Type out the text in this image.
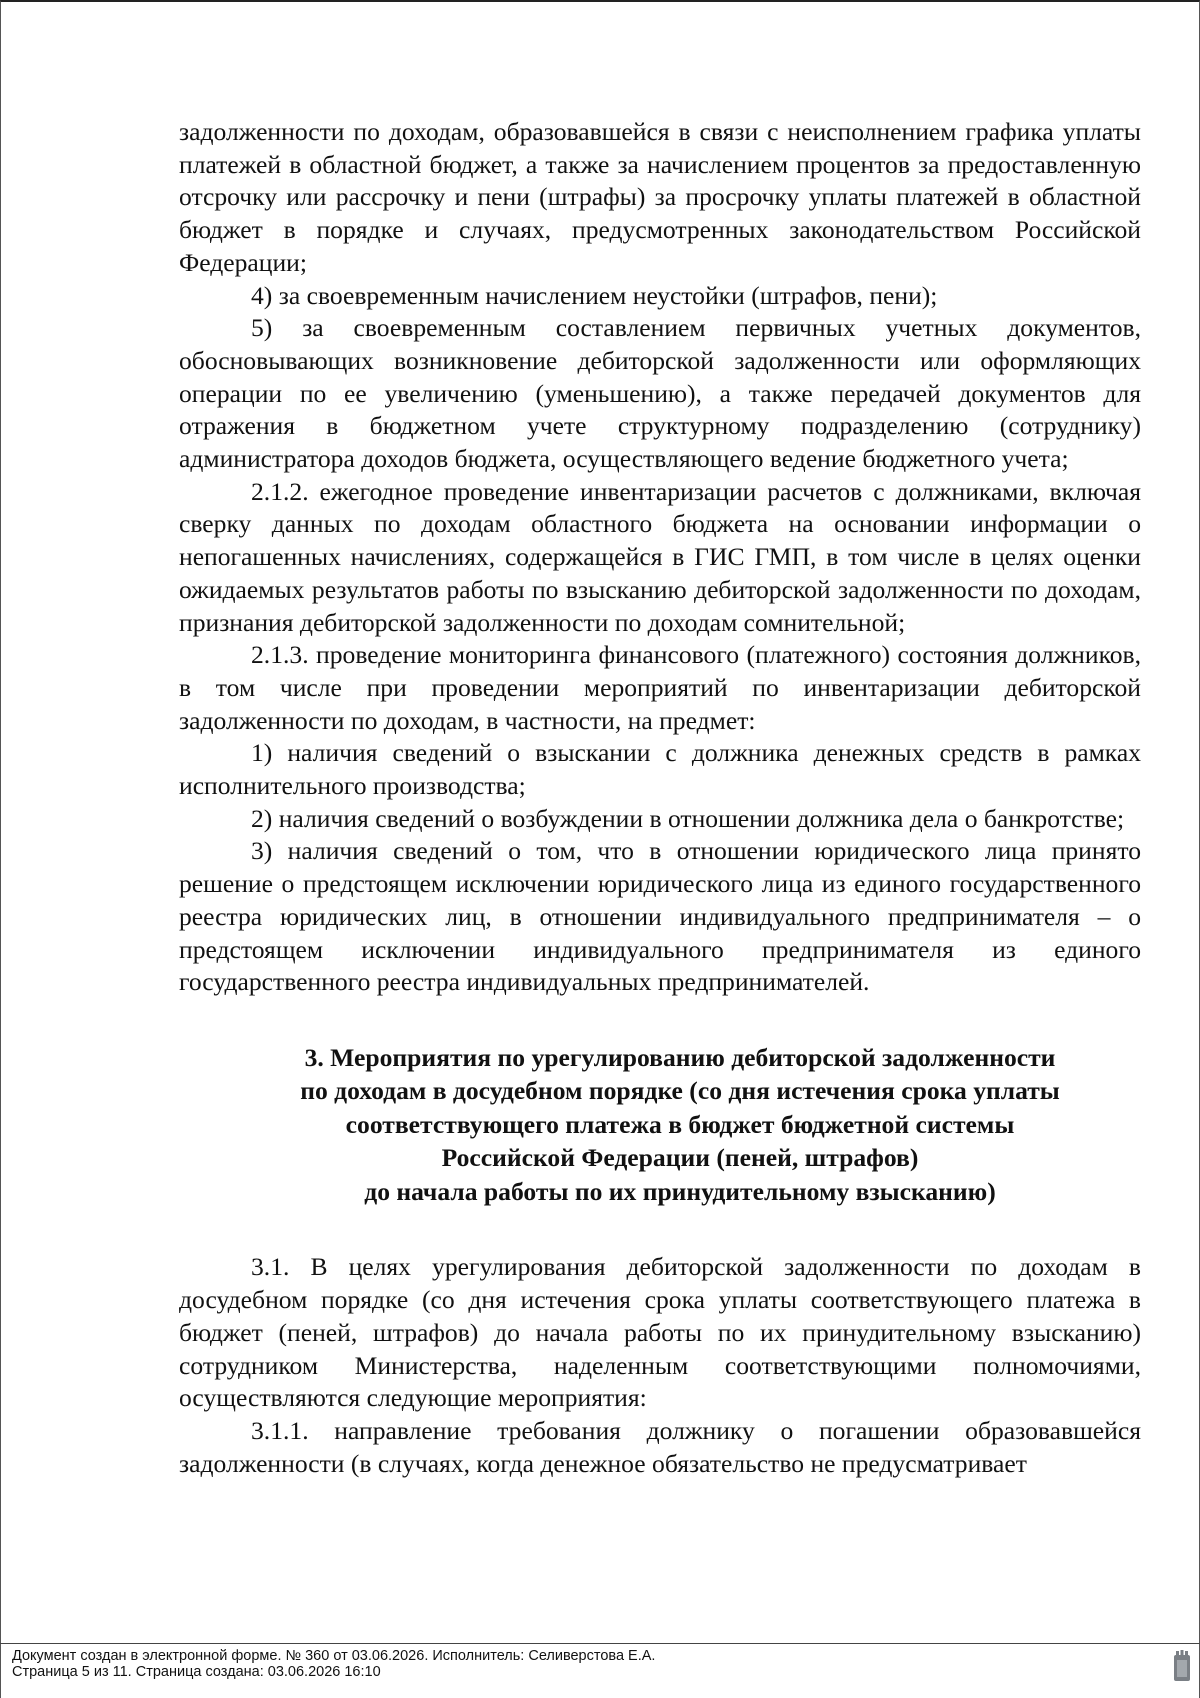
задолженности по доходам, образовавшейся в связи с неисполнением графика уплаты платежей в областной бюджет, а также за начислением процентов за предоставленную отсрочку или рассрочку и пени (штрафы) за просрочку уплаты платежей в областной бюджет в порядке и случаях, предусмотренных законодательством Российской Федерации;

4) за своевременным начислением неустойки (штрафов, пени);

5) за своевременным составлением первичных учетных документов, обосновывающих возникновение дебиторской задолженности или оформляющих операции по ее увеличению (уменьшению), а также передачей документов для отражения в бюджетном учете структурному подразделению (сотруднику) администратора доходов бюджета, осуществляющего ведение бюджетного учета;

2.1.2. ежегодное проведение инвентаризации расчетов с должниками, включая сверку данных по доходам областного бюджета на основании информации о непогашенных начислениях, содержащейся в ГИС ГМП, в том числе в целях оценки ожидаемых результатов работы по взысканию дебиторской задолженности по доходам, признания дебиторской задолженности по доходам сомнительной;

2.1.3. проведение мониторинга финансового (платежного) состояния должников, в том числе при проведении мероприятий по инвентаризации дебиторской задолженности по доходам, в частности, на предмет:

1) наличия сведений о взыскании с должника денежных средств в рамках исполнительного производства;

2) наличия сведений о возбуждении в отношении должника дела о банкротстве;

3) наличия сведений о том, что в отношении юридического лица принято решение о предстоящем исключении юридического лица из единого государственного реестра юридических лиц, в отношении индивидуального предпринимателя – о предстоящем исключении индивидуального предпринимателя из единого государственного реестра индивидуальных предпринимателей.

3. Мероприятия по урегулированию дебиторской задолженности
по доходам в досудебном порядке (со дня истечения срока уплаты
соответствующего платежа в бюджет бюджетной системы
Российской Федерации (пеней, штрафов)
до начала работы по их принудительному взысканию)

3.1. В целях урегулирования дебиторской задолженности по доходам в досудебном порядке (со дня истечения срока уплаты соответствующего платежа в бюджет (пеней, штрафов) до начала работы по их принудительному взысканию) сотрудником Министерства, наделенным соответствующими полномочиями, осуществляются следующие мероприятия:

3.1.1. направление требования должнику о погашении образовавшейся задолженности (в случаях, когда денежное обязательство не предусматривает

Документ создан в электронной форме. № 360 от 03.06.2026. Исполнитель: Селиверстова Е.А.
Страница 5 из 11. Страница создана: 03.06.2026 16:10
